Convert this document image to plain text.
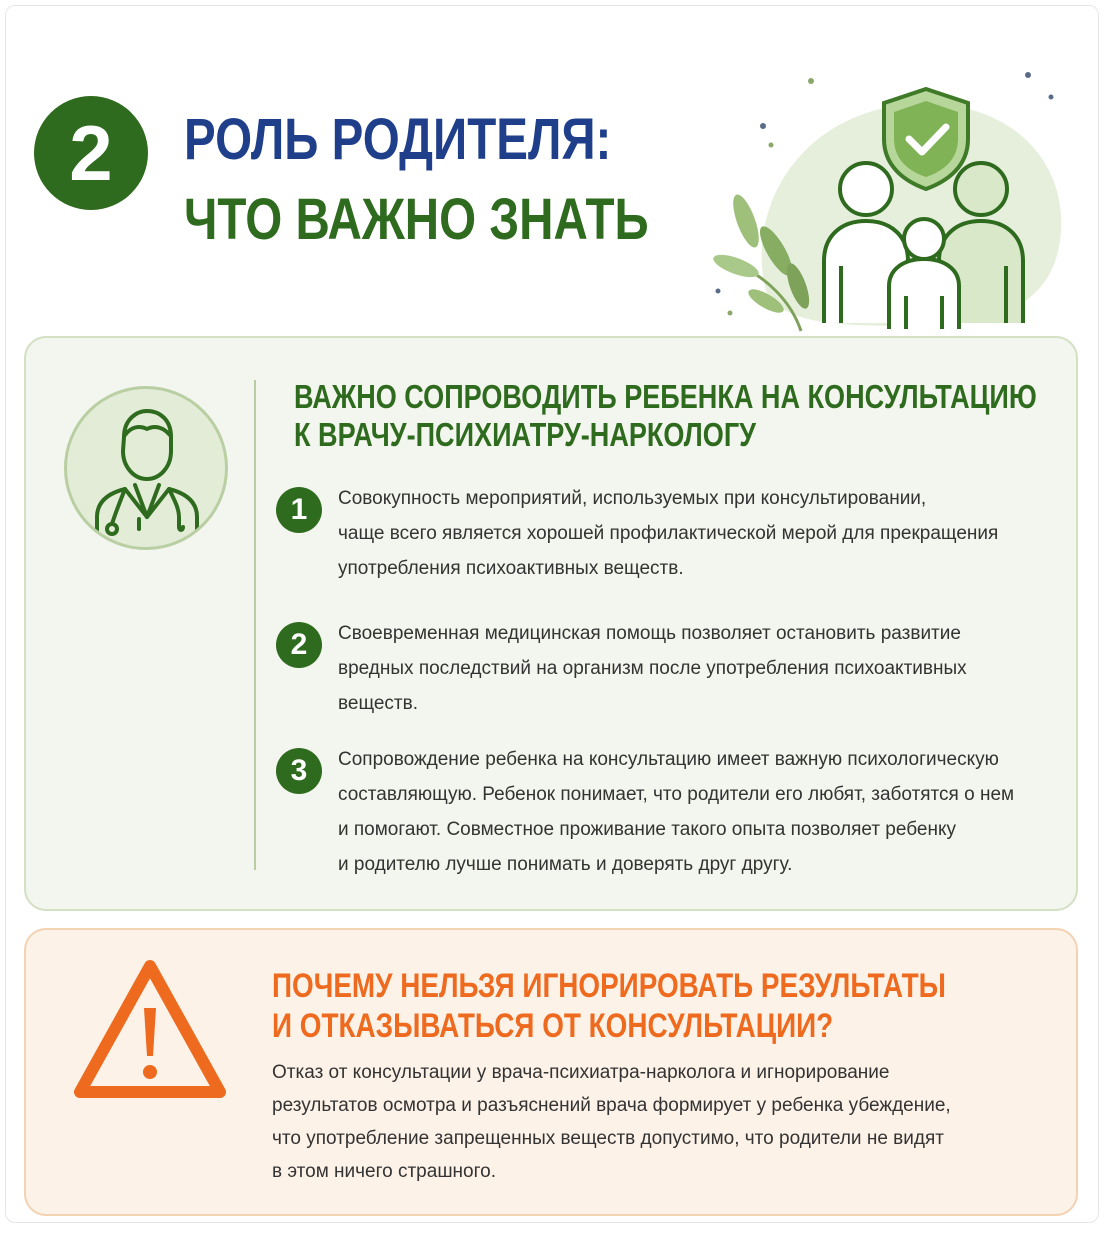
2	РОЛЬ РОДИТЕЛЯ:
ЧТО ВАЖНО ЗНАТЬ
ВАЖНО СОПРОВОДИТЬ РЕБЕНКА НА КОНСУЛЬТАЦИЮ
К ВРАЧУ-ПСИХИАТРУ-НАРКОЛОГУ
1	Совокупность мероприятий, используемых при консультировании,
чаще всего является хорошей профилактической мерой для прекращения
употребления психоактивных веществ.
2	Своевременная медицинская помощь позволяет остановить развитие
вредных последствий на организм после употребления психоактивных
веществ.
3	Сопровождение ребенка на консультацию имеет важную психологическую
составляющую. Ребенок понимает, что родители его любят, заботятся о нем
и помогают. Совместное проживание такого опыта позволяет ребенку
и родителю лучше понимать и доверять друг другу.
ПОЧЕМУ НЕЛЬЗЯ ИГНОРИРОВАТЬ РЕЗУЛЬТАТЫ
И ОТКАЗЫВАТЬСЯ ОТ КОНСУЛЬТАЦИИ?
Отказ от консультации у врача-психиатра-нарколога и игнорирование
результатов осмотра и разъяснений врача формирует у ребенка убеждение,
что употребление запрещенных веществ допустимо, что родители не видят
в этом ничего страшного.
